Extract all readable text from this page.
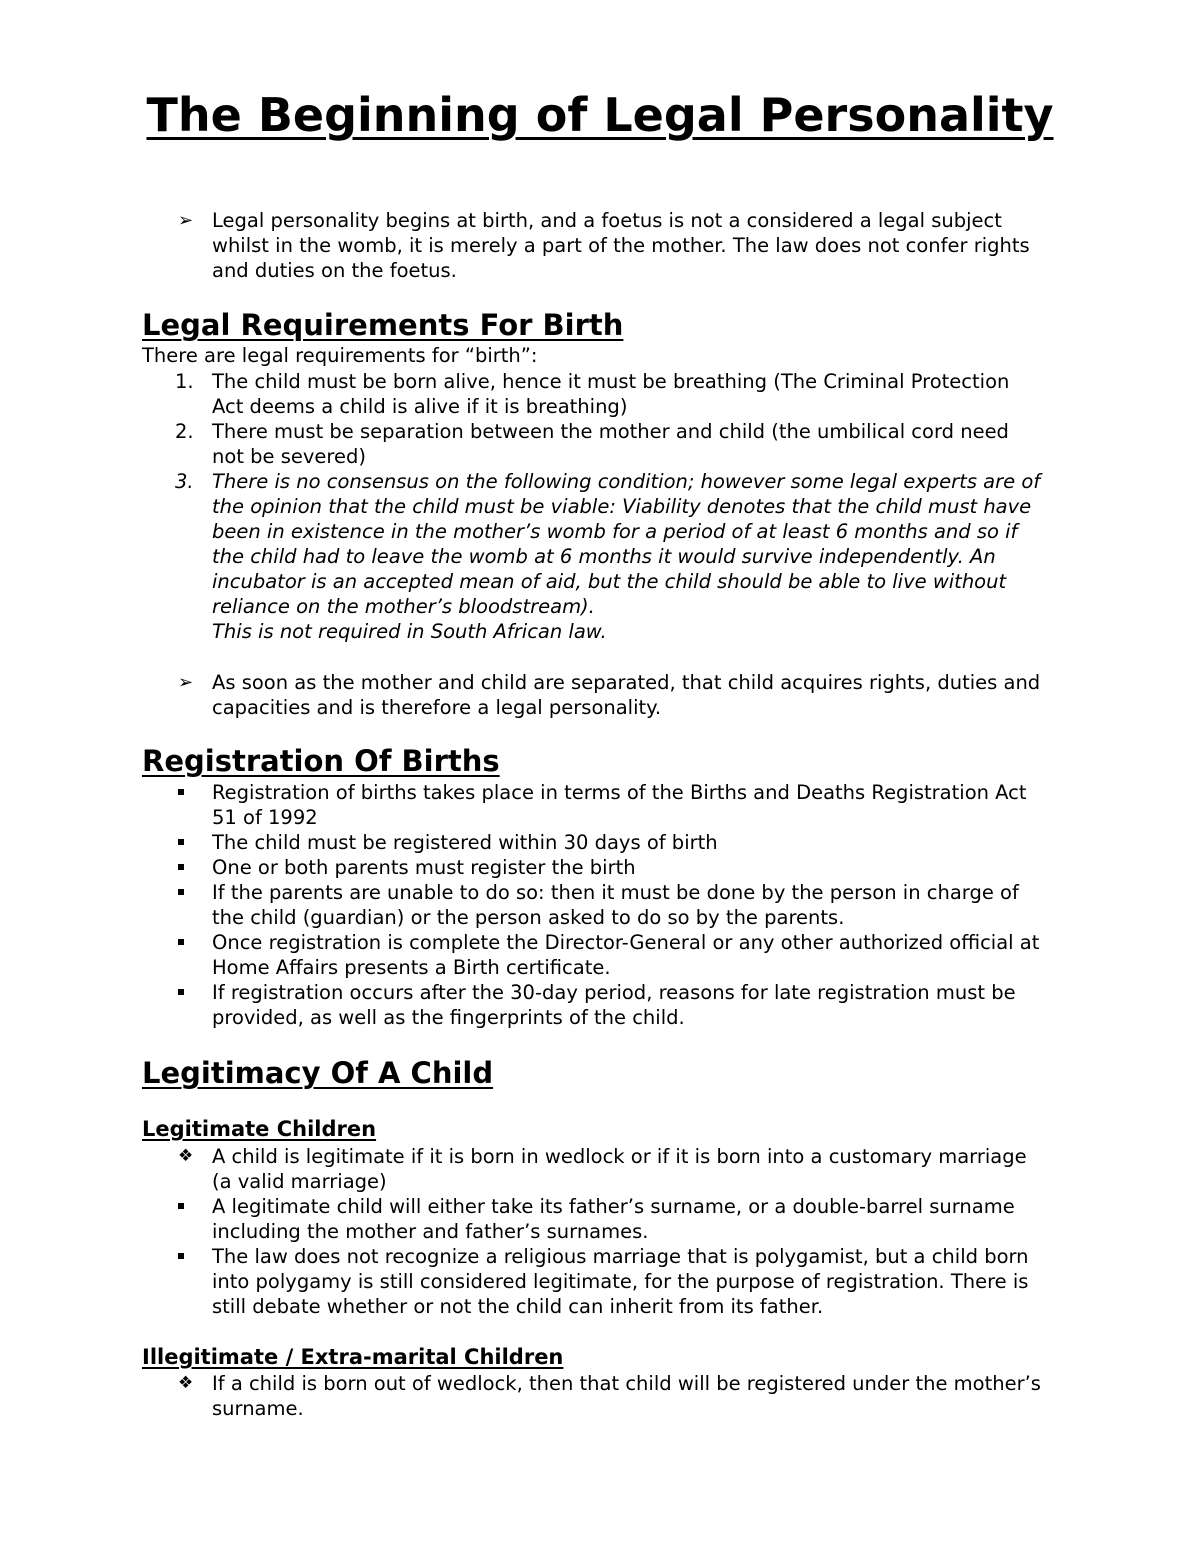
The Beginning of Legal Personality
➢ Legal personality begins at birth, and a foetus is not a considered a legal subject whilst in the womb, it is merely a part of the mother. The law does not confer rights and duties on the foetus.
Legal Requirements For Birth
There are legal requirements for “birth”:
1. The child must be born alive, hence it must be breathing (The Criminal Protection Act deems a child is alive if it is breathing)
2. There must be separation between the mother and child (the umbilical cord need not be severed)
3. There is no consensus on the following condition; however some legal experts are of the opinion that the child must be viable: Viability denotes that the child must have been in existence in the mother’s womb for a period of at least 6 months and so if the child had to leave the womb at 6 months it would survive independently. An incubator is an accepted mean of aid, but the child should be able to live without reliance on the mother’s bloodstream).
This is not required in South African law.
➢ As soon as the mother and child are separated, that child acquires rights, duties and capacities and is therefore a legal personality.
Registration Of Births
Registration of births takes place in terms of the Births and Deaths Registration Act 51 of 1992
The child must be registered within 30 days of birth
One or both parents must register the birth
If the parents are unable to do so: then it must be done by the person in charge of the child (guardian) or the person asked to do so by the parents.
Once registration is complete the Director-General or any other authorized official at Home Affairs presents a Birth certificate.
If registration occurs after the 30-day period, reasons for late registration must be provided, as well as the fingerprints of the child.
Legitimacy Of A Child
Legitimate Children
❖ A child is legitimate if it is born in wedlock or if it is born into a customary marriage (a valid marriage)
A legitimate child will either take its father’s surname, or a double-barrel surname including the mother and father’s surnames.
The law does not recognize a religious marriage that is polygamist, but a child born into polygamy is still considered legitimate, for the purpose of registration. There is still debate whether or not the child can inherit from its father.
Illegitimate / Extra-marital Children
❖ If a child is born out of wedlock, then that child will be registered under the mother’s surname.
